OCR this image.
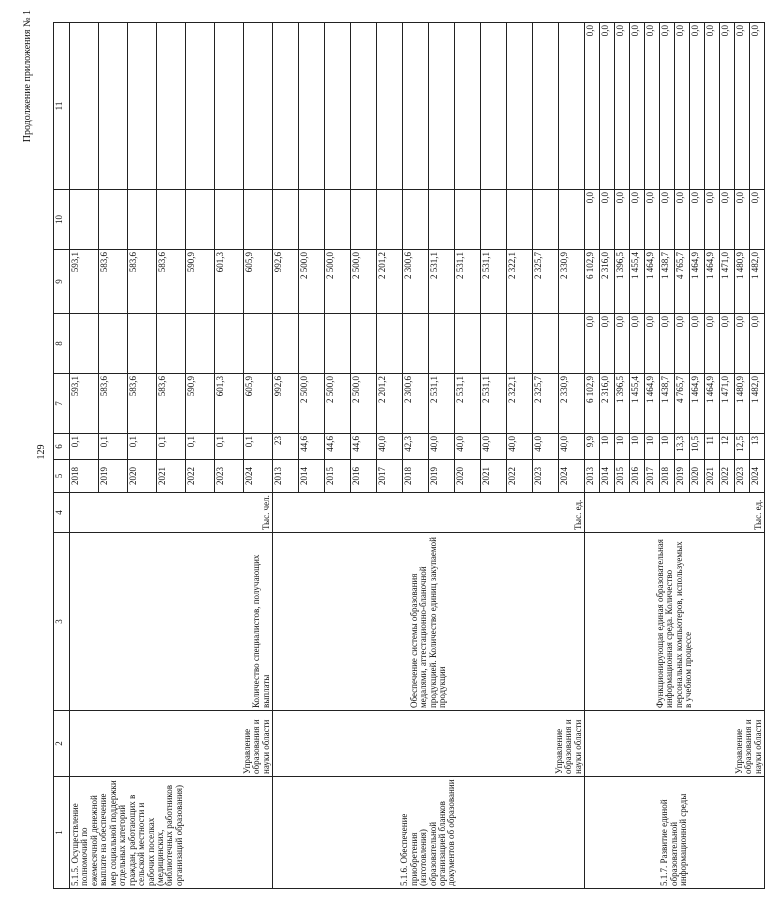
129
Продолжение приложения № 1
1	2	3	4	5	6	7	8	9	10	11
5.1.5. Осуществление полномочий по ежемесячной денежной выплате на обеспечение мер социальной поддержки отдельных категорий граждан, работающих в сельской местности и рабочих поселках (медицинских, библиотечных работников организаций образования)	Управление образования и науки области	Количество специалистов, получающих выплаты	Тыс. чел.	2018	0,1	593,1		593,1		
				2019	0,1	583,6		583,6		
				2020	0,1	583,6		583,6		
				2021	0,1	583,6		583,6		
				2022	0,1	590,9		590,9		
				2023	0,1	601,3		601,3		
				2024	0,1	605,9		605,9		
5.1.6. Обеспечение приобретения (изготовления) образовательной организацией бланков документов об образовании	Управление образования и науки области	Обеспечение системы образования медалями, аттестационно-бланочной продукцией. Количество единиц закупаемой продукции	Тыс. ед.	2013	23	992,6		992,6		
				2014	44,6	2 500,0		2 500,0		
				2015	44,6	2 500,0		2 500,0		
				2016	44,6	2 500,0		2 500,0		
				2017	40,0	2 201,2		2 201,2		
				2018	42,3	2 300,6		2 300,6		
				2019	40,0	2 531,1		2 531,1		
				2020	40,0	2 531,1		2 531,1		
				2021	40,0	2 531,1		2 531,1		
				2022	40,0	2 322,1		2 322,1		
				2023	40,0	2 325,7		2 325,7		
				2024	40,0	2 330,9		2 330,9		
5.1.7. Развитие единой образовательной информационной среды	Управление образования и науки области	Функционирующая единая образовательная информационная среда. Количество персональных компьютеров, используемых в учебном процессе	Тыс. ед.	2013	9,9	6 102,9	0,0	6 102,9	0,0	0,0
				2014	10	2 316,0	0,0	2 316,0	0,0	0,0
				2015	10	1 396,5	0,0	1 396,5	0,0	0,0
				2016	10	1 455,4	0,0	1 455,4	0,0	0,0
				2017	10	1 464,9	0,0	1 464,9	0,0	0,0
				2018	10	1 438,7	0,0	1 438,7	0,0	0,0
				2019	13,3	4 765,7	0,0	4 765,7	0,0	0,0
				2020	10,5	1 464,9	0,0	1 464,9	0,0	0,0
				2021	11	1 464,9	0,0	1 464,9	0,0	0,0
				2022	12	1 471,0	0,0	1 471,0	0,0	0,0
				2023	12,5	1 480,9	0,0	1 480,9	0,0	0,0
				2024	13	1 482,0	0,0	1 482,0	0,0	0,0
